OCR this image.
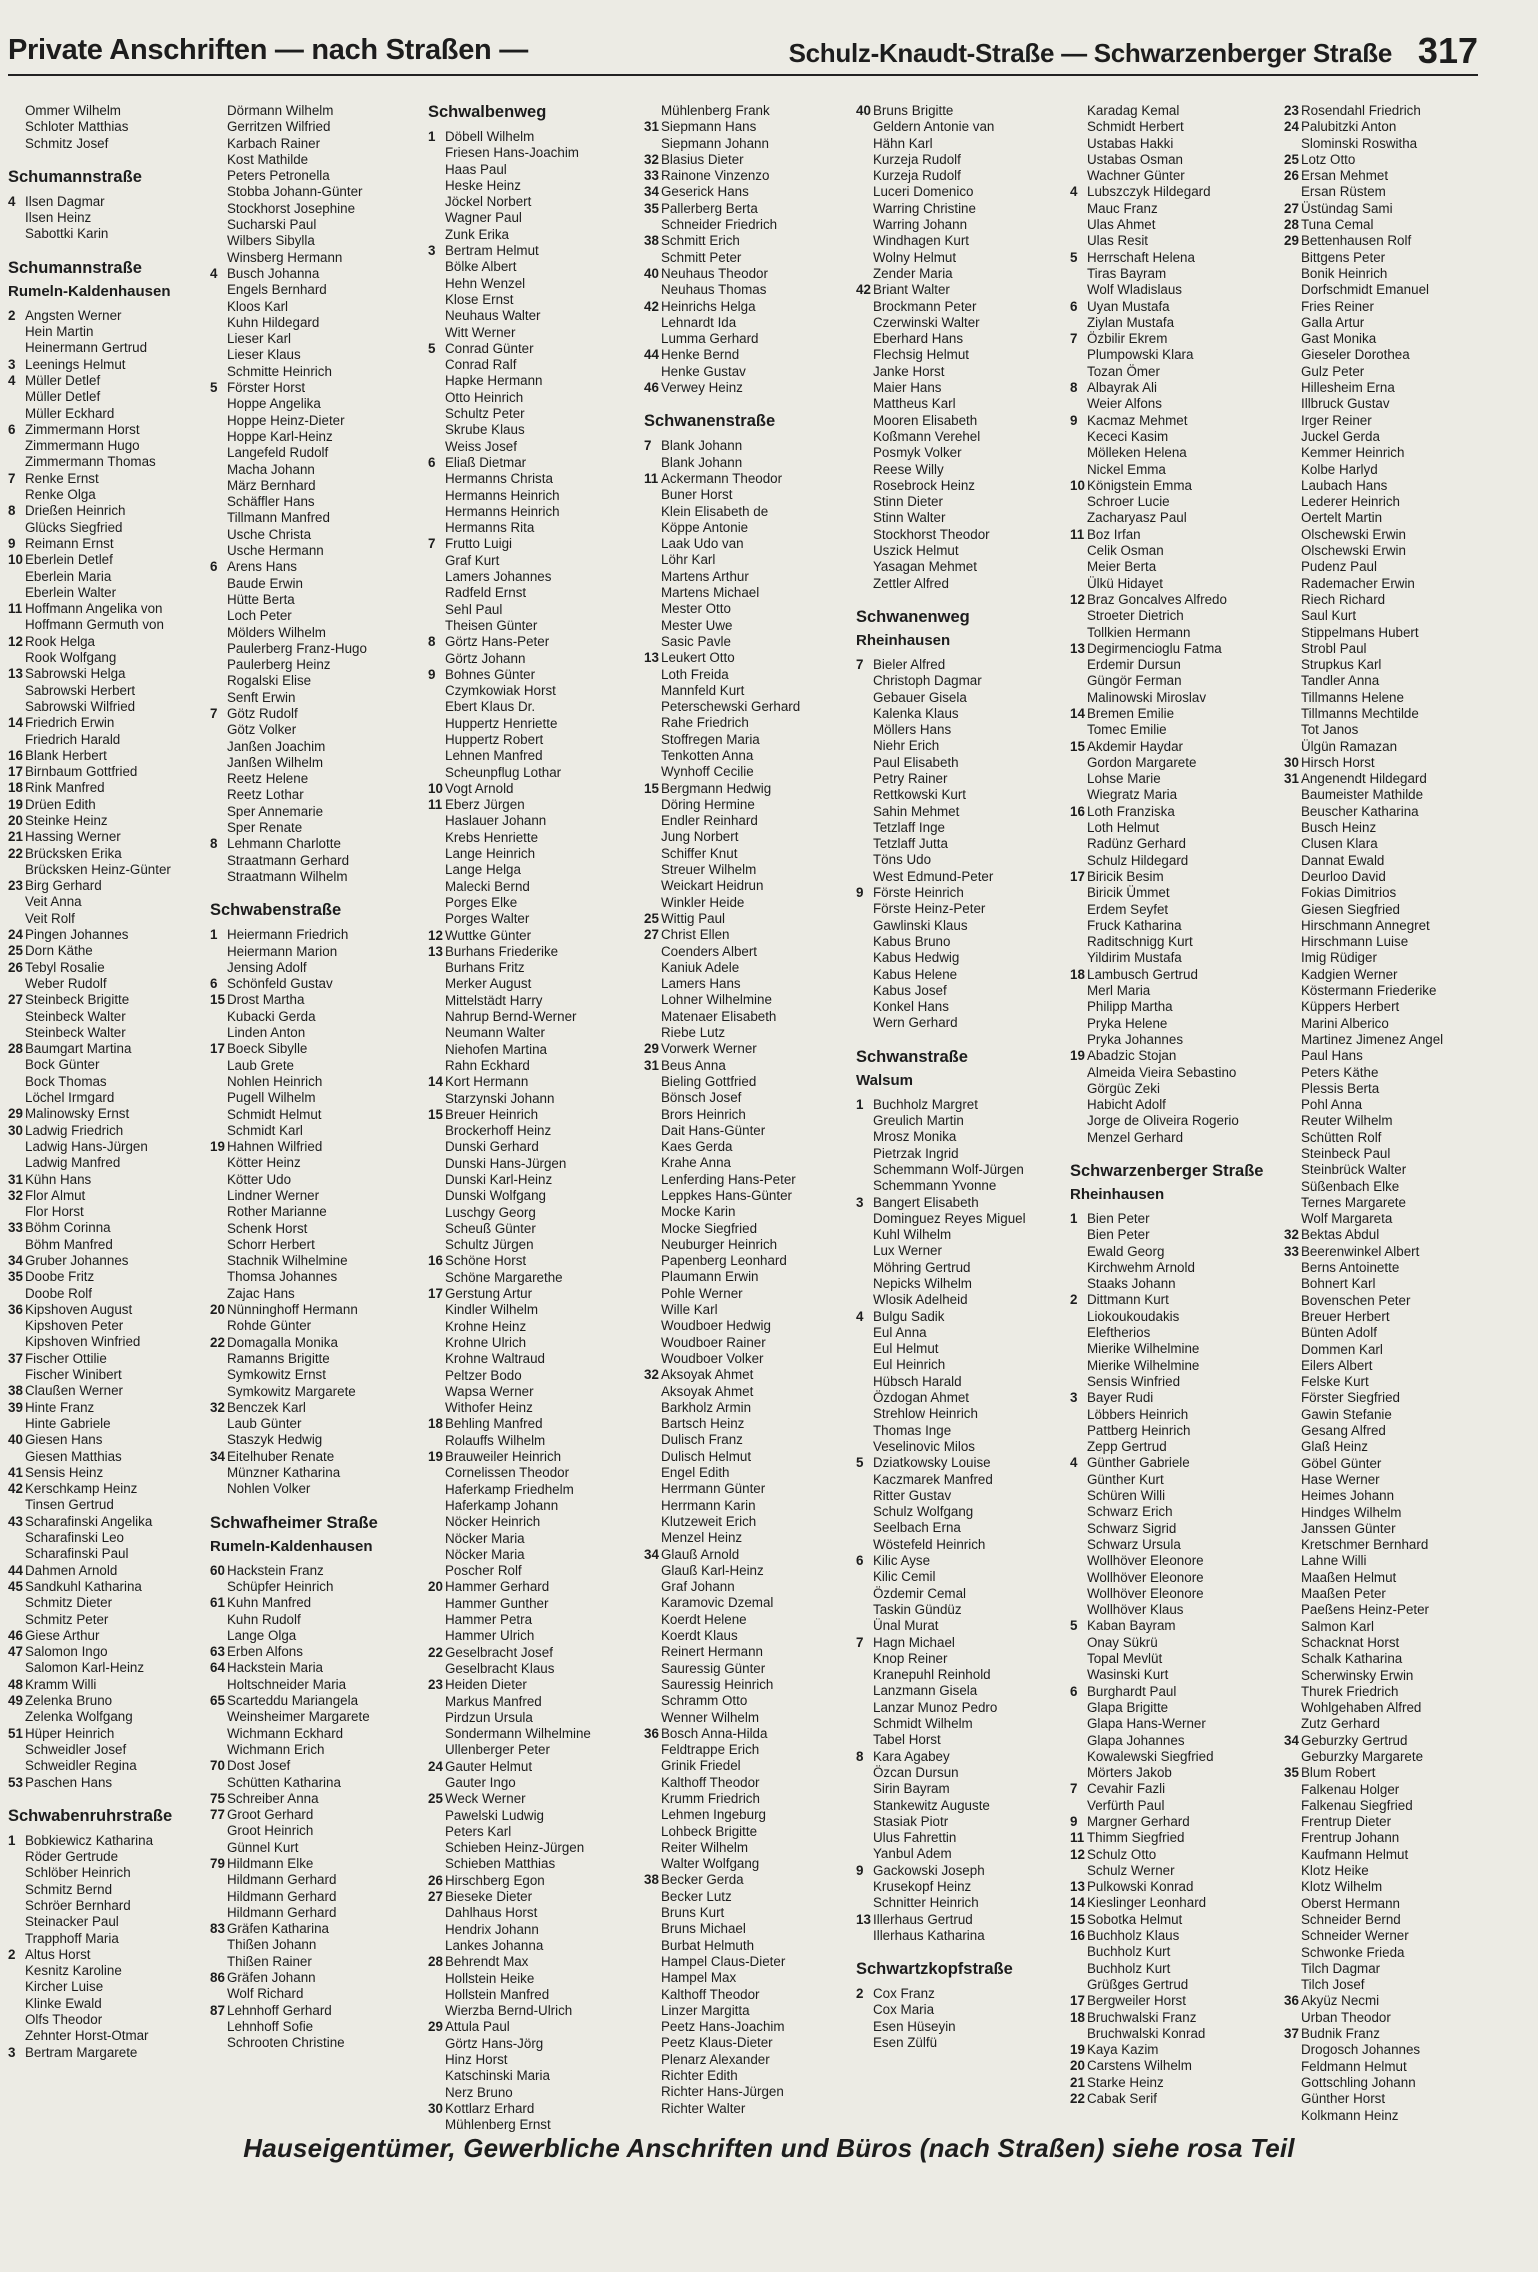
Private Anschriften — nach Straßen —	Schulz-Knaudt-Straße — Schwarzenberger Straße 317
Ommer Wilhelm
Schloter Matthias
Schmitz Josef
Schumannstraße
4 Ilsen Dagmar
Ilsen Heinz
Sabottki Karin
Schumannstraße
Rumeln-Kaldenhausen
2 Angsten Werner
Hein Martin
Heinermann Gertrud
3 Leenings Helmut
4 Müller Detlef
Müller Detlef
Müller Eckhard
6 Zimmermann Horst
Zimmermann Hugo
Zimmermann Thomas
7 Renke Ernst
Renke Olga
8 Drießen Heinrich
Glücks Siegfried
9 Reimann Ernst
10 Eberlein Detlef
Eberlein Maria
Eberlein Walter
11 Hoffmann Angelika von
Hoffmann Germuth von
12 Rook Helga
Rook Wolfgang
13 Sabrowski Helga
Sabrowski Herbert
Sabrowski Wilfried
14 Friedrich Erwin
Friedrich Harald
16 Blank Herbert
17 Birnbaum Gottfried
18 Rink Manfred
19 Drüen Edith
20 Steinke Heinz
21 Hassing Werner
22 Brücksken Erika
Brücksken Heinz-Günter
23 Birg Gerhard
Veit Anna
Veit Rolf
24 Pingen Johannes
25 Dorn Käthe
26 Tebyl Rosalie
Weber Rudolf
27 Steinbeck Brigitte
Steinbeck Walter
Steinbeck Walter
28 Baumgart Martina
Bock Günter
Bock Thomas
Löchel Irmgard
29 Malinowsky Ernst
30 Ladwig Friedrich
Ladwig Hans-Jürgen
Ladwig Manfred
31 Kühn Hans
32 Flor Almut
Flor Horst
33 Böhm Corinna
Böhm Manfred
34 Gruber Johannes
35 Doobe Fritz
Doobe Rolf
36 Kipshoven August
Kipshoven Peter
Kipshoven Winfried
37 Fischer Ottilie
Fischer Winibert
38 Claußen Werner
39 Hinte Franz
Hinte Gabriele
40 Giesen Hans
Giesen Matthias
41 Sensis Heinz
42 Kerschkamp Heinz
Tinsen Gertrud
43 Scharafinski Angelika
Scharafinski Leo
Scharafinski Paul
44 Dahmen Arnold
45 Sandkuhl Katharina
Schmitz Dieter
Schmitz Peter
46 Giese Arthur
47 Salomon Ingo
Salomon Karl-Heinz
48 Kramm Willi
49 Zelenka Bruno
Zelenka Wolfgang
51 Hüper Heinrich
Schweidler Josef
Schweidler Regina
53 Paschen Hans
Schwabenruhrstraße
1 Bobkiewicz Katharina
Röder Gertrude
Schlöber Heinrich
Schmitz Bernd
Schröer Bernhard
Steinacker Paul
Trapphoff Maria
2 Altus Horst
Kesnitz Karoline
Kircher Luise
Klinke Ewald
Olfs Theodor
Zehnter Horst-Otmar
3 Bertram Margarete
Dörmann Wilhelm
Gerritzen Wilfried
Karbach Rainer
Kost Mathilde
Peters Petronella
Stobba Johann-Günter
Stockhorst Josephine
Sucharski Paul
Wilbers Sibylla
Winsberg Hermann
4 Busch Johanna
Engels Bernhard
Kloos Karl
Kuhn Hildegard
Lieser Karl
Lieser Klaus
Schmitte Heinrich
5 Förster Horst
Hoppe Angelika
Hoppe Heinz-Dieter
Hoppe Karl-Heinz
Langefeld Rudolf
Macha Johann
März Bernhard
Schäffler Hans
Tillmann Manfred
Usche Christa
Usche Hermann
6 Arens Hans
Baude Erwin
Hütte Berta
Loch Peter
Mölders Wilhelm
Paulerberg Franz-Hugo
Paulerberg Heinz
Rogalski Elise
Senft Erwin
7 Götz Rudolf
Götz Volker
Janßen Joachim
Janßen Wilhelm
Reetz Helene
Reetz Lothar
Sper Annemarie
Sper Renate
8 Lehmann Charlotte
Straatmann Gerhard
Straatmann Wilhelm
Schwabenstraße
1 Heiermann Friedrich
Heiermann Marion
Jensing Adolf
6 Schönfeld Gustav
15 Drost Martha
Kubacki Gerda
Linden Anton
17 Boeck Sibylle
Laub Grete
Nohlen Heinrich
Pugell Wilhelm
Schmidt Helmut
Schmidt Karl
19 Hahnen Wilfried
Kötter Heinz
Kötter Udo
Lindner Werner
Rother Marianne
Schenk Horst
Schorr Herbert
Stachnik Wilhelmine
Thomsa Johannes
Zajac Hans
20 Nünninghoff Hermann
Rohde Günter
22 Domagalla Monika
Ramanns Brigitte
Symkowitz Ernst
Symkowitz Margarete
32 Benczek Karl
Laub Günter
Staszyk Hedwig
34 Eitelhuber Renate
Münzner Katharina
Nohlen Volker
Schwafheimer Straße
Rumeln-Kaldenhausen
60 Hackstein Franz
Schüpfer Heinrich
61 Kuhn Manfred
Kuhn Rudolf
Lange Olga
63 Erben Alfons
64 Hackstein Maria
Holtschneider Maria
65 Scarteddu Mariangela
Weinsheimer Margarete
Wichmann Eckhard
Wichmann Erich
70 Dost Josef
Schütten Katharina
75 Schreiber Anna
77 Groot Gerhard
Groot Heinrich
Günnel Kurt
79 Hildmann Elke
Hildmann Gerhard
Hildmann Gerhard
Hildmann Gerhard
83 Gräfen Katharina
Thißen Johann
Thißen Rainer
86 Gräfen Johann
Wolf Richard
87 Lehnhoff Gerhard
Lehnhoff Sofie
Schrooten Christine
Schwalbenweg
1 Döbell Wilhelm
Friesen Hans-Joachim
Haas Paul
Heske Heinz
Jöckel Norbert
Wagner Paul
Zunk Erika
3 Bertram Helmut
Bölke Albert
Hehn Wenzel
Klose Ernst
Neuhaus Walter
Witt Werner
5 Conrad Günter
Conrad Ralf
Hapke Hermann
Otto Heinrich
Schultz Peter
Skrube Klaus
Weiss Josef
6 Eliaß Dietmar
Hermanns Christa
Hermanns Heinrich
Hermanns Heinrich
Hermanns Rita
7 Frutto Luigi
Graf Kurt
Lamers Johannes
Radfeld Ernst
Sehl Paul
Theisen Günter
8 Görtz Hans-Peter
Görtz Johann
9 Bohnes Günter
Czymkowiak Horst
Ebert Klaus Dr.
Huppertz Henriette
Huppertz Robert
Lehnen Manfred
Scheunpflug Lothar
10 Vogt Arnold
11 Eberz Jürgen
Haslauer Johann
Krebs Henriette
Lange Heinrich
Lange Helga
Malecki Bernd
Porges Elke
Porges Walter
12 Wuttke Günter
13 Burhans Friederike
Burhans Fritz
Merker August
Mittelstädt Harry
Nahrup Bernd-Werner
Neumann Walter
Niehofen Martina
Rahn Eckhard
14 Kort Hermann
Starzynski Johann
15 Breuer Heinrich
Brockerhoff Heinz
Dunski Gerhard
Dunski Hans-Jürgen
Dunski Karl-Heinz
Dunski Wolfgang
Luschgy Georg
Scheuß Günter
Schultz Jürgen
16 Schöne Horst
Schöne Margarethe
17 Gerstung Artur
Kindler Wilhelm
Krohne Heinz
Krohne Ulrich
Krohne Waltraud
Peltzer Bodo
Wapsa Werner
Withofer Heinz
18 Behling Manfred
Rolauffs Wilhelm
19 Brauweiler Heinrich
Cornelissen Theodor
Haferkamp Friedhelm
Haferkamp Johann
Nöcker Heinrich
Nöcker Maria
Nöcker Maria
Poscher Rolf
20 Hammer Gerhard
Hammer Gunther
Hammer Petra
Hammer Ulrich
22 Geselbracht Josef
Geselbracht Klaus
23 Heiden Dieter
Markus Manfred
Pirdzun Ursula
Sondermann Wilhelmine
Ullenberger Peter
24 Gauter Helmut
Gauter Ingo
25 Weck Werner
Pawelski Ludwig
Peters Karl
Schieben Heinz-Jürgen
Schieben Matthias
26 Hirschberg Egon
27 Bieseke Dieter
Dahlhaus Horst
Hendrix Johann
Lankes Johanna
28 Behrendt Max
Hollstein Heike
Hollstein Manfred
Wierzba Bernd-Ulrich
29 Attula Paul
Görtz Hans-Jörg
Hinz Horst
Katschinski Maria
Nerz Bruno
30 Kottlarz Erhard
Mühlenberg Ernst
Mühlenberg Frank
31 Siepmann Hans
Siepmann Johann
32 Blasius Dieter
33 Rainone Vinzenzo
34 Geserick Hans
35 Pallerberg Berta
Schneider Friedrich
38 Schmitt Erich
Schmitt Peter
40 Neuhaus Theodor
Neuhaus Thomas
42 Heinrichs Helga
Lehnardt Ida
Lumma Gerhard
44 Henke Bernd
Henke Gustav
46 Verwey Heinz
Schwanenstraße
7 Blank Johann
Blank Johann
11 Ackermann Theodor
Buner Horst
Klein Elisabeth de
Köppe Antonie
Laak Udo van
Löhr Karl
Martens Arthur
Martens Michael
Mester Otto
Mester Uwe
Sasic Pavle
13 Leukert Otto
Loth Freida
Mannfeld Kurt
Peterschewski Gerhard
Rahe Friedrich
Stoffregen Maria
Tenkotten Anna
Wynhoff Cecilie
15 Bergmann Hedwig
Döring Hermine
Endler Reinhard
Jung Norbert
Schiffer Knut
Streuer Wilhelm
Weickart Heidrun
Winkler Heide
25 Wittig Paul
27 Christ Ellen
Coenders Albert
Kaniuk Adele
Lamers Hans
Lohner Wilhelmine
Matenaer Elisabeth
Riebe Lutz
29 Vorwerk Werner
31 Beus Anna
Bieling Gottfried
Bönsch Josef
Brors Heinrich
Dait Hans-Günter
Kaes Gerda
Krahe Anna
Lenferding Hans-Peter
Leppkes Hans-Günter
Mocke Karin
Mocke Siegfried
Neuburger Heinrich
Papenberg Leonhard
Plaumann Erwin
Pohle Werner
Wille Karl
Woudboer Hedwig
Woudboer Rainer
Woudboer Volker
32 Aksoyak Ahmet
Aksoyak Ahmet
Barkholz Armin
Bartsch Heinz
Dulisch Franz
Dulisch Helmut
Engel Edith
Herrmann Günter
Herrmann Karin
Klutzeweit Erich
Menzel Heinz
34 Glauß Arnold
Glauß Karl-Heinz
Graf Johann
Karamovic Dzemal
Koerdt Helene
Koerdt Klaus
Reinert Hermann
Sauressig Günter
Sauressig Heinrich
Schramm Otto
Wenner Wilhelm
36 Bosch Anna-Hilda
Feldtrappe Erich
Grinik Friedel
Kalthoff Theodor
Krumm Friedrich
Lehmen Ingeburg
Lohbeck Brigitte
Reiter Wilhelm
Walter Wolfgang
38 Becker Gerda
Becker Lutz
Bruns Kurt
Bruns Michael
Burbat Helmuth
Hampel Claus-Dieter
Hampel Max
Kalthoff Theodor
Linzer Margitta
Peetz Hans-Joachim
Peetz Klaus-Dieter
Plenarz Alexander
Richter Edith
Richter Hans-Jürgen
Richter Walter
40 Bruns Brigitte
Geldern Antonie van
Hähn Karl
Kurzeja Rudolf
Kurzeja Rudolf
Luceri Domenico
Warring Christine
Warring Johann
Windhagen Kurt
Wolny Helmut
Zender Maria
42 Briant Walter
Brockmann Peter
Czerwinski Walter
Eberhard Hans
Flechsig Helmut
Janke Horst
Maier Hans
Mattheus Karl
Mooren Elisabeth
Koßmann Verehel
Posmyk Volker
Reese Willy
Rosebrock Heinz
Stinn Dieter
Stinn Walter
Stockhorst Theodor
Uszick Helmut
Yasagan Mehmet
Zettler Alfred
Schwanenweg
Rheinhausen
7 Bieler Alfred
Christoph Dagmar
Gebauer Gisela
Kalenka Klaus
Möllers Hans
Niehr Erich
Paul Elisabeth
Petry Rainer
Rettkowski Kurt
Sahin Mehmet
Tetzlaff Inge
Tetzlaff Jutta
Töns Udo
West Edmund-Peter
9 Förste Heinrich
Förste Heinz-Peter
Gawlinski Klaus
Kabus Bruno
Kabus Hedwig
Kabus Helene
Kabus Josef
Konkel Hans
Wern Gerhard
Schwanstraße
Walsum
1 Buchholz Margret
Greulich Martin
Mrosz Monika
Pietrzak Ingrid
Schemmann Wolf-Jürgen
Schemmann Yvonne
3 Bangert Elisabeth
Dominguez Reyes Miguel
Kuhl Wilhelm
Lux Werner
Möhring Gertrud
Nepicks Wilhelm
Wlosik Adelheid
4 Bulgu Sadik
Eul Anna
Eul Helmut
Eul Heinrich
Hübsch Harald
Özdogan Ahmet
Strehlow Heinrich
Thomas Inge
Veselinovic Milos
5 Dziatkowsky Louise
Kaczmarek Manfred
Ritter Gustav
Schulz Wolfgang
Seelbach Erna
Wöstefeld Heinrich
6 Kilic Ayse
Kilic Cemil
Özdemir Cemal
Taskin Gündüz
Ünal Murat
7 Hagn Michael
Knop Reiner
Kranepuhl Reinhold
Lanzmann Gisela
Lanzar Munoz Pedro
Schmidt Wilhelm
Tabel Horst
8 Kara Agabey
Özcan Dursun
Sirin Bayram
Stankewitz Auguste
Stasiak Piotr
Ulus Fahrettin
Yanbul Adem
9 Gackowski Joseph
Krusekopf Heinz
Schnitter Heinrich
13 Illerhaus Gertrud
Illerhaus Katharina
Schwartzkopfstraße
2 Cox Franz
Cox Maria
Esen Hüseyin
Esen Zülfü
Karadag Kemal
Schmidt Herbert
Ustabas Hakki
Ustabas Osman
Wachner Günter
4 Lubszczyk Hildegard
Mauc Franz
Ulas Ahmet
Ulas Resit
5 Herrschaft Helena
Tiras Bayram
Wolf Wladislaus
6 Uyan Mustafa
Ziylan Mustafa
7 Özbilir Ekrem
Plumpowski Klara
Tozan Ömer
8 Albayrak Ali
Weier Alfons
9 Kacmaz Mehmet
Kececi Kasim
Mölleken Helena
Nickel Emma
10 Königstein Emma
Schroer Lucie
Zacharyasz Paul
11 Boz Irfan
Celik Osman
Meier Berta
Ülkü Hidayet
12 Braz Goncalves Alfredo
Stroeter Dietrich
Tollkien Hermann
13 Degirmencioglu Fatma
Erdemir Dursun
Güngör Ferman
Malinowski Miroslav
14 Bremen Emilie
Tomec Emilie
15 Akdemir Haydar
Gordon Margarete
Lohse Marie
Wiegratz Maria
16 Loth Franziska
Loth Helmut
Radünz Gerhard
Schulz Hildegard
17 Biricik Besim
Biricik Ümmet
Erdem Seyfet
Fruck Katharina
Raditschnigg Kurt
Yildirim Mustafa
18 Lambusch Gertrud
Merl Maria
Philipp Martha
Pryka Helene
Pryka Johannes
19 Abadzic Stojan
Almeida Vieira Sebastino
Görgüc Zeki
Habicht Adolf
Jorge de Oliveira Rogerio
Menzel Gerhard
Schwarzenberger Straße
Rheinhausen
1 Bien Peter
Bien Peter
Ewald Georg
Kirchwehm Arnold
Staaks Johann
2 Dittmann Kurt
Liokoukoudakis
Eleftherios
Mierike Wilhelmine
Mierike Wilhelmine
Sensis Winfried
3 Bayer Rudi
Löbbers Heinrich
Pattberg Heinrich
Zepp Gertrud
4 Günther Gabriele
Günther Kurt
Schüren Willi
Schwarz Erich
Schwarz Sigrid
Schwarz Ursula
Wollhöver Eleonore
Wollhöver Eleonore
Wollhöver Eleonore
Wollhöver Klaus
5 Kaban Bayram
Onay Sükrü
Topal Mevlüt
Wasinski Kurt
6 Burghardt Paul
Glapa Brigitte
Glapa Hans-Werner
Glapa Johannes
Kowalewski Siegfried
Mörters Jakob
7 Cevahir Fazli
Verfürth Paul
9 Margner Gerhard
11 Thimm Siegfried
12 Schulz Otto
Schulz Werner
13 Pulkowski Konrad
14 Kieslinger Leonhard
15 Sobotka Helmut
16 Buchholz Klaus
Buchholz Kurt
Buchholz Kurt
Grüßges Gertrud
17 Bergweiler Horst
18 Bruchwalski Franz
Bruchwalski Konrad
19 Kaya Kazim
20 Carstens Wilhelm
21 Starke Heinz
22 Cabak Serif
23 Rosendahl Friedrich
24 Palubitzki Anton
Slominski Roswitha
25 Lotz Otto
26 Ersan Mehmet
Ersan Rüstem
27 Üstündag Sami
28 Tuna Cemal
29 Bettenhausen Rolf
Bittgens Peter
Bonik Heinrich
Dorfschmidt Emanuel
Fries Reiner
Galla Artur
Gast Monika
Gieseler Dorothea
Gulz Peter
Hillesheim Erna
Illbruck Gustav
Irger Reiner
Juckel Gerda
Kemmer Heinrich
Kolbe Harlyd
Laubach Hans
Lederer Heinrich
Oertelt Martin
Olschewski Erwin
Olschewski Erwin
Pudenz Paul
Rademacher Erwin
Riech Richard
Saul Kurt
Stippelmans Hubert
Strobl Paul
Strupkus Karl
Tandler Anna
Tillmanns Helene
Tillmanns Mechtilde
Tot Janos
Ülgün Ramazan
30 Hirsch Horst
31 Angenendt Hildegard
Baumeister Mathilde
Beuscher Katharina
Busch Heinz
Clusen Klara
Dannat Ewald
Deurloo David
Fokias Dimitrios
Giesen Siegfried
Hirschmann Annegret
Hirschmann Luise
Imig Rüdiger
Kadgien Werner
Köstermann Friederike
Küppers Herbert
Marini Alberico
Martinez Jimenez Angel
Paul Hans
Peters Käthe
Plessis Berta
Pohl Anna
Reuter Wilhelm
Schütten Rolf
Steinbeck Paul
Steinbrück Walter
Süßenbach Elke
Ternes Margarete
Wolf Margareta
32 Bektas Abdul
33 Beerenwinkel Albert
Berns Antoinette
Bohnert Karl
Bovenschen Peter
Breuer Herbert
Bünten Adolf
Dommen Karl
Eilers Albert
Felske Kurt
Förster Siegfried
Gawin Stefanie
Gesang Alfred
Glaß Heinz
Göbel Günter
Hase Werner
Heimes Johann
Hindges Wilhelm
Janssen Günter
Kretschmer Bernhard
Lahne Willi
Maaßen Helmut
Maaßen Peter
Paeßens Heinz-Peter
Salmon Karl
Schacknat Horst
Schalk Katharina
Scherwinsky Erwin
Thurek Friedrich
Wohlgehaben Alfred
Zutz Gerhard
34 Geburzky Gertrud
Geburzky Margarete
35 Blum Robert
Falkenau Holger
Falkenau Siegfried
Frentrup Dieter
Frentrup Johann
Kaufmann Helmut
Klotz Heike
Klotz Wilhelm
Oberst Hermann
Schneider Bernd
Schneider Werner
Schwonke Frieda
Tilch Dagmar
Tilch Josef
36 Akyüz Necmi
Urban Theodor
37 Budnik Franz
Drogosch Johannes
Feldmann Helmut
Gottschling Johann
Günther Horst
Kolkmann Heinz
Hauseigentümer, Gewerbliche Anschriften und Büros (nach Straßen) siehe rosa Teil
